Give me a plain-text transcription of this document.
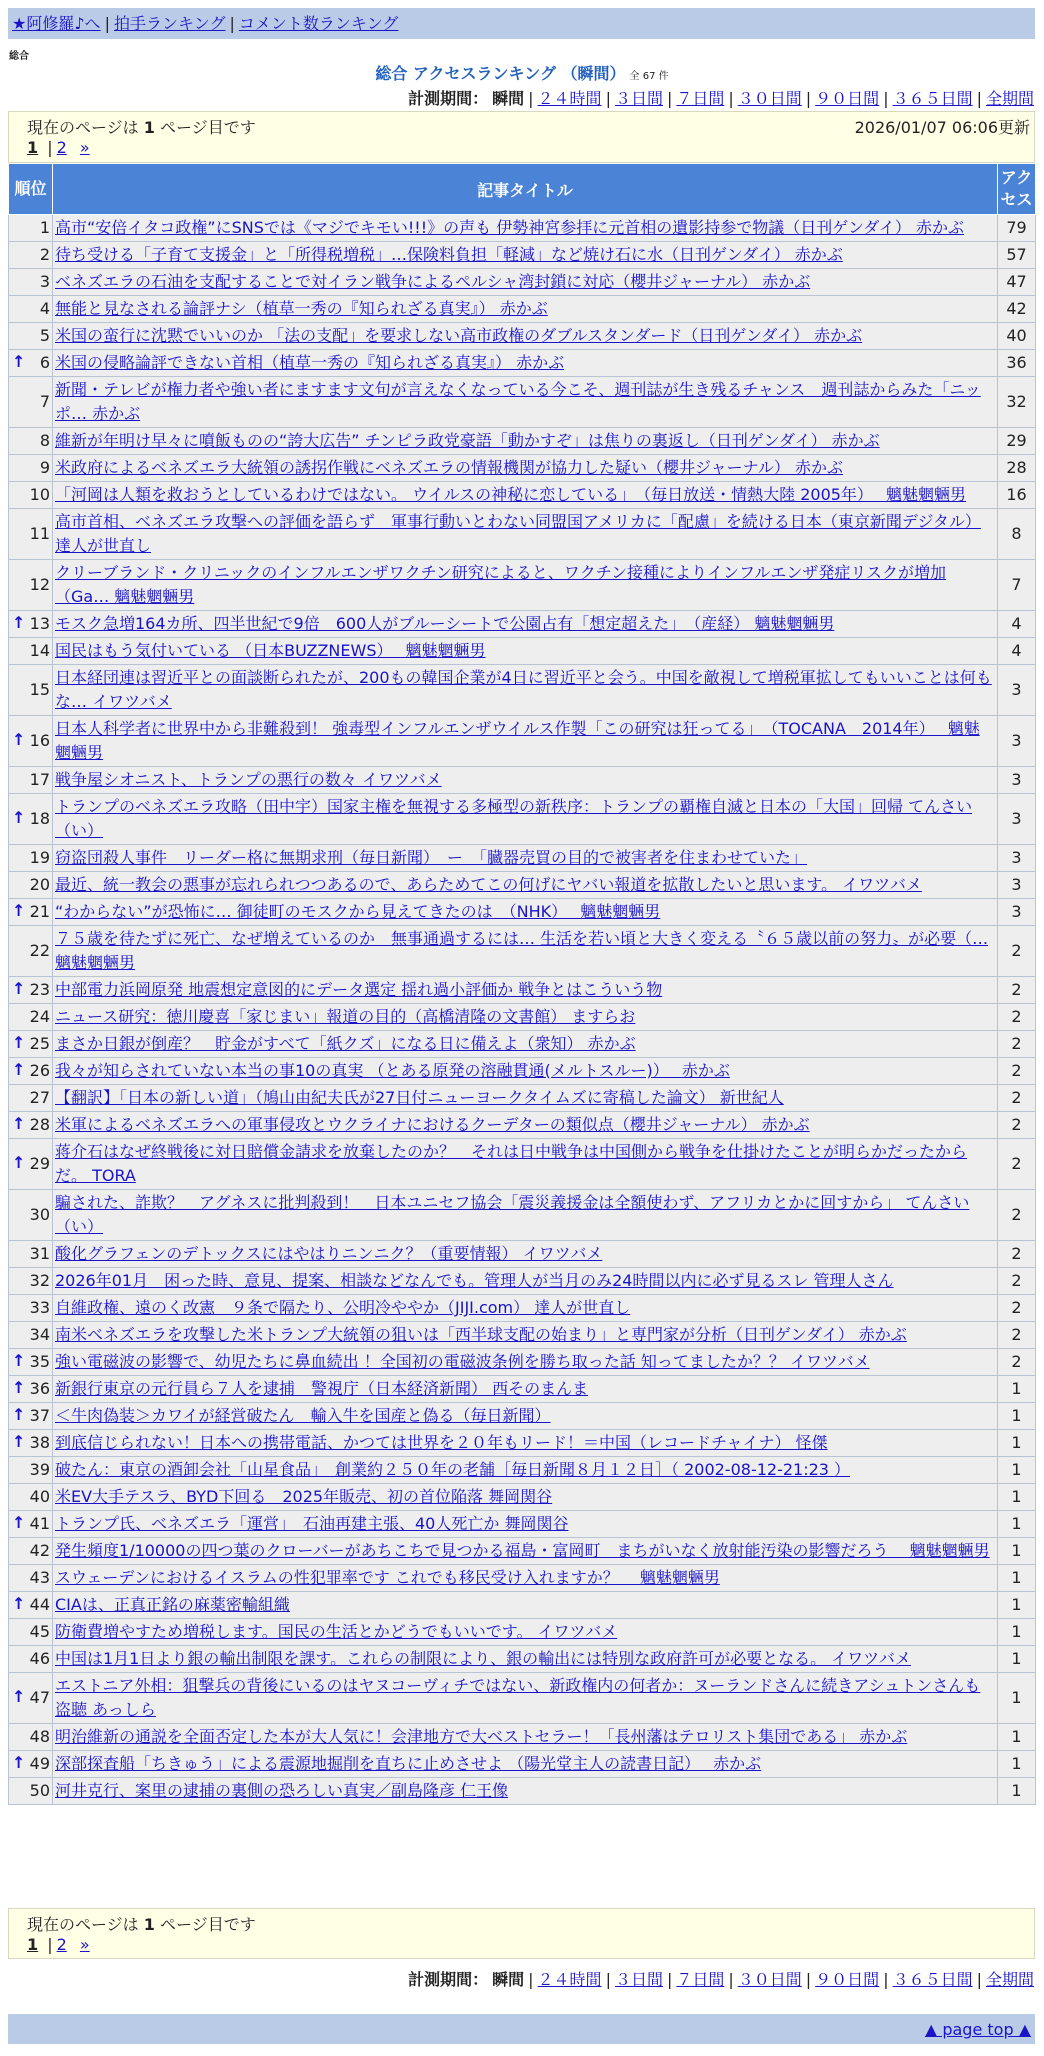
★阿修羅♪へ | 拍手ランキング | コメント数ランキング
総合
総合 アクセスランキング （瞬間） 全 67 件
計測期間： 瞬間 | ２４時間 | ３日間 | ７日間 | ３０日間 | ９０日間 | ３６５日間 | 全期間
現在のページは 1 ページ目です	2026/01/07 06:06更新
1 | 2 »
順位	記事タイトル	アクセス
1	高市“安倍イタコ政権”にSNSでは《マジでキモい!!!》の声も 伊勢神宮参拝に元首相の遺影持参で物議（日刊ゲンダイ） 赤かぶ	79
2	待ち受ける「子育て支援金」と「所得税増税」…保険料負担「軽減」など焼け石に水（日刊ゲンダイ） 赤かぶ	57
3	ベネズエラの石油を支配することで対イラン戦争によるペルシャ湾封鎖に対応（櫻井ジャーナル） 赤かぶ	47
4	無能と見なされる論評ナシ（植草一秀の『知られざる真実』） 赤かぶ	42
5	米国の蛮行に沈黙でいいのか 「法の支配」を要求しない高市政権のダブルスタンダード（日刊ゲンダイ） 赤かぶ	40

↑ 6	米国の侵略論評できない首相（植草一秀の『知られざる真実』） 赤かぶ	36
7	新聞・テレビが権力者や強い者にますます文句が言えなくなっている今こそ、週刊誌が生き残るチャンス　週刊誌からみた「ニッポ… 赤かぶ	32
8	維新が年明け早々に噴飯ものの“誇大広告” チンピラ政党豪語「動かすぞ」は焦りの裏返し（日刊ゲンダイ） 赤かぶ	29
9	米政府によるベネズエラ大統領の誘拐作戦にベネズエラの情報機関が協力した疑い（櫻井ジャーナル） 赤かぶ	28
10	「河岡は人類を救おうとしているわけではない。 ウイルスの神秘に恋している」　（毎日放送・情熱大陸 2005年）　 魑魅魍魎男	16
11	高市首相、ベネズエラ攻撃への評価を語らず　軍事行動いとわない同盟国アメリカに「配慮」を続ける日本（東京新聞デジタル） 達人が世直し	8
12	クリーブランド・クリニックのインフルエンザワクチン研究によると、ワクチン接種によりインフルエンザ発症リスクが増加（Ga… 魑魅魍魎男	7

↑ 13	モスク急増164カ所、四半世紀で9倍　600人がブルーシートで公園占有「想定超えた」　（産経） 魑魅魍魎男	4
14	国民はもう気付いている （日本BUZZNEWS）　 魑魅魍魎男	4
15	日本経団連は習近平との面談断られたが、200もの韓国企業が4日に習近平と会う。中国を敵視して増税軍拡してもいいことは何もな… イワツバメ	3

↑ 16	日本人科学者に世界中から非難殺到！ 強毒型インフルエンザウイルス作製「この研究は狂ってる」　（TOCANA　2014年）　 魑魅魍魎男	3
17	戦争屋シオニスト、トランプの悪行の数々 イワツバメ	3

↑ 18	トランプのベネズエラ攻略（田中宇）国家主権を無視する多極型の新秩序：トランプの覇権自滅と日本の「大国」回帰 てんさい（い）	3
19	窃盗団殺人事件　リーダー格に無期求刑（毎日新聞）　ー　「臓器売買の目的で被害者を住まわせていた」	3
20	最近、統一教会の悪事が忘れられつつあるので、あらためてこの何げにヤバい報道を拡散したいと思います。 イワツバメ	3

↑ 21	“わからない”が恐怖に… 御徒町のモスクから見えてきたのは　（NHK）　 魑魅魍魎男	3
22	７５歳を待たずに死亡、なぜ増えているのか　無事通過するには… 生活を若い頃と大きく変える〝６５歳以前の努力〟が必要（… 魑魅魍魎男	2

↑ 23	中部電力浜岡原発 地震想定意図的にデータ選定 揺れ過小評価か 戦争とはこういう物	2
24	ニュース研究：徳川慶喜「家じまい」報道の目的（高橋清隆の文書館） ますらお	2

↑ 25	まさか日銀が倒産？　貯金がすべて「紙クズ」になる日に備えよ（衆知） 赤かぶ	2

↑ 26	我々が知らされていない本当の事10の真実 （とある原発の溶融貫通(メルトスルー)）　 赤かぶ	2
27	【翻訳】「日本の新しい道」（鳩山由紀夫氏が27日付ニューヨークタイムズに寄稿した論文） 新世紀人	2

↑ 28	米軍によるベネズエラへの軍事侵攻とウクライナにおけるクーデターの類似点（櫻井ジャーナル） 赤かぶ	2

↑ 29	蒋介石はなぜ終戦後に対日賠償金請求を放棄したのか？　それは日中戦争は中国側から戦争を仕掛けたことが明らかだったからだ。 TORA	2
30	騙された、詐欺？　アグネスに批判殺到！　日本ユニセフ協会「震災義援金は全額使わず、アフリカとかに回すから」 てんさい（い）	2
31	酸化グラフェンのデトックスにはやはりニンニク？（重要情報） イワツバメ	2
32	2026年01月　困った時、意見、提案、相談などなんでも。管理人が当月のみ24時間以内に必ず見るスレ 管理人さん	2
33	自維政権、遠のく改憲　９条で隔たり、公明冷ややか（JIJI.com） 達人が世直し	2
34	南米ベネズエラを攻撃した米トランプ大統領の狙いは「西半球支配の始まり」と専門家が分析（日刊ゲンダイ） 赤かぶ	2

↑ 35	強い電磁波の影響で、幼児たちに鼻血続出 ！全国初の電磁波条例を勝ち取った話 知ってましたか？？ イワツバメ	2

↑ 36	新銀行東京の元行員ら７人を逮捕　警視庁（日本経済新聞） 西そのまんま	1

↑ 37	＜牛肉偽装＞カワイが経営破たん　輸入牛を国産と偽る（毎日新聞）	1

↑ 38	到底信じられない！日本への携帯電話、かつては世界を２０年もリード！＝中国（レコードチャイナ） 怪傑	1
39	破たん：東京の酒卸会社「山星食品」　創業約２５０年の老舗［毎日新聞８月１２日］（ 2002-08-12-21:23 ）	1
40	米EV大手テスラ、BYD下回る　2025年販売、初の首位陥落 舞岡関谷	1

↑ 41	トランプ氏、ベネズエラ「運営」　石油再建主張、40人死亡か 舞岡関谷	1
42	発生頻度1/10000の四つ葉のクローバーがあちこちで見つかる福島・富岡町　まちがいなく放射能汚染の影響だろう　 魑魅魍魎男	1
43	スウェーデンにおけるイスラムの性犯罪率です これでも移民受け入れますか？　 魑魅魍魎男	1

↑ 44	CIAは、正真正銘の麻薬密輸組織	1
45	防衛費増やすため増税します。国民の生活とかどうでもいいです。 イワツバメ	1
46	中国は1月1日より銀の輸出制限を課す。これらの制限により、銀の輸出には特別な政府許可が必要となる。 イワツバメ	1

↑ 47	エストニア外相：狙撃兵の背後にいるのはヤヌコーヴィチではない、新政権内の何者か：ヌーランドさんに続きアシュトンさんも盗聴 あっしら	1
48	明治維新の通説を全面否定した本が大人気に！会津地方で大ベストセラー！「長州藩はテロリスト集団である」 赤かぶ	1

↑ 49	深部探査船「ちきゅう」による震源地掘削を直ちに止めさせよ （陽光堂主人の読書日記）　 赤かぶ	1
50	河井克行、案里の逮捕の裏側の恐ろしい真実／副島隆彦 仁王像	1
現在のページは 1 ページ目です
1 | 2 »
計測期間： 瞬間 | ２４時間 | ３日間 | ７日間 | ３０日間 | ９０日間 | ３６５日間 | 全期間
▲ page top ▲
